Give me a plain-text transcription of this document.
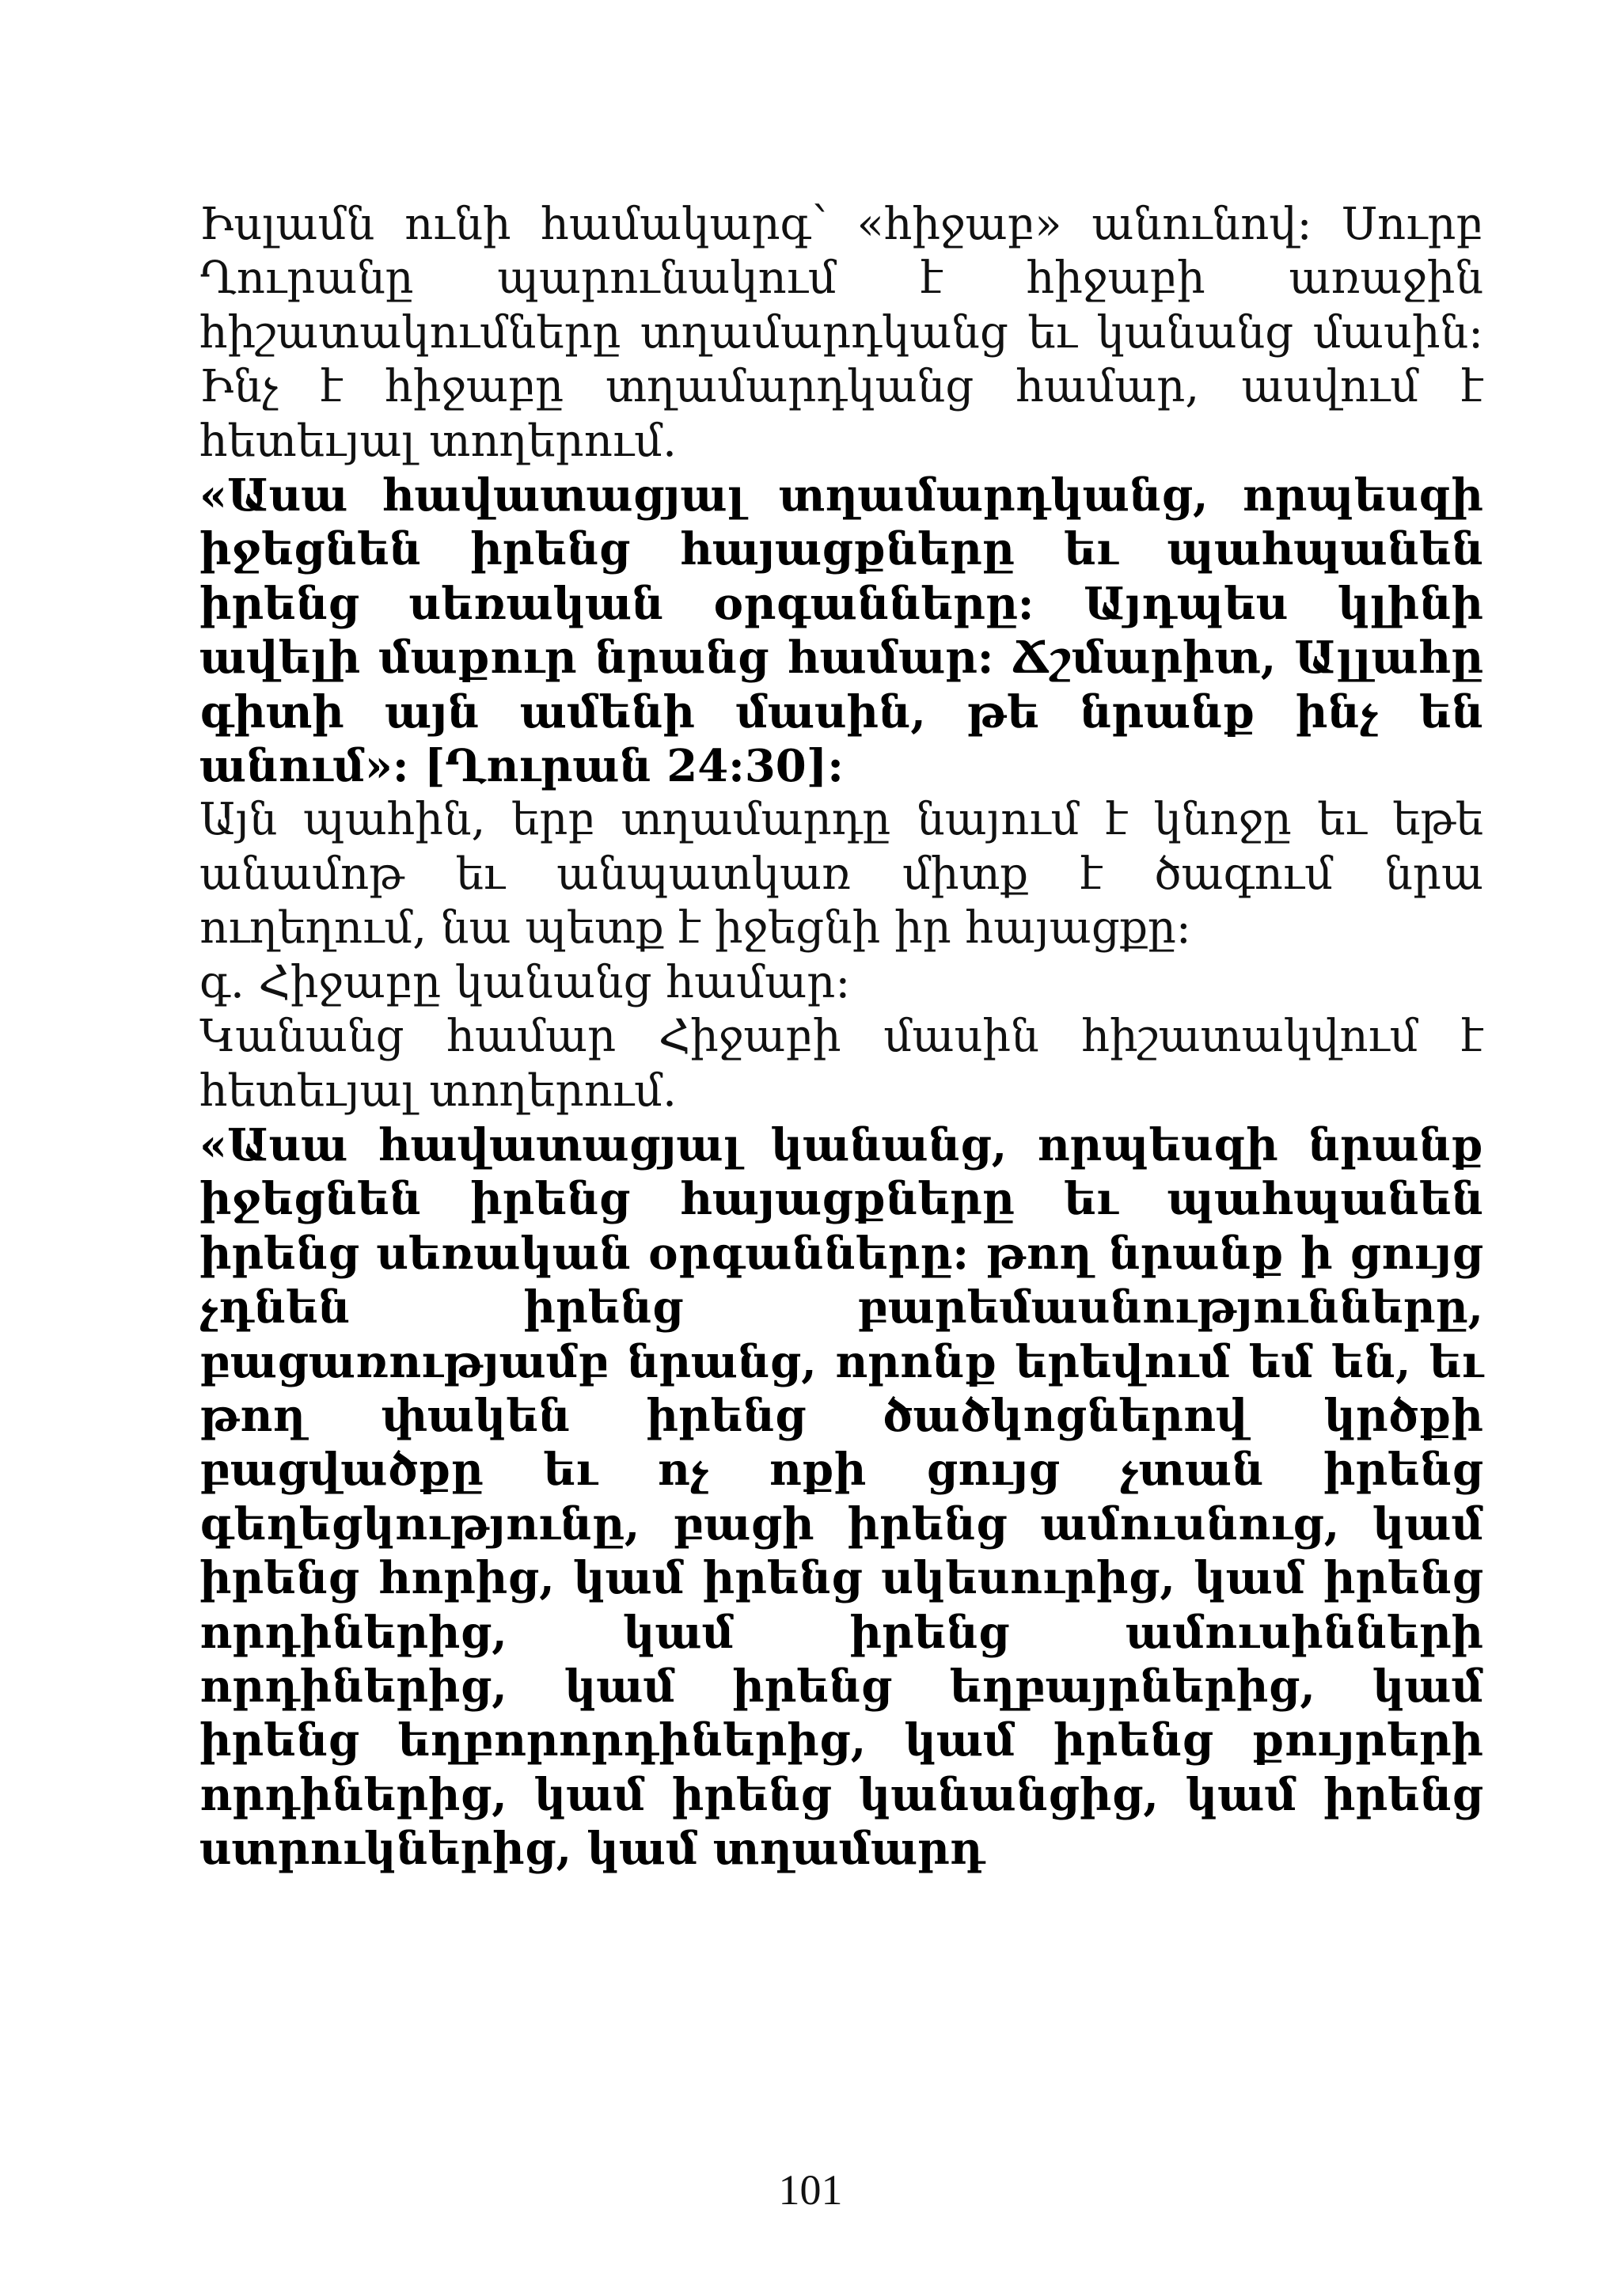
Իսլամն ունի համակարգ՝ «հիջաբ» անունով: Սուրբ Ղուրանը պարունակում է հիջաբի առաջին հիշատակումները տղամարդկանց եւ կանանց մասին: Ինչ է հիջաբը տղամարդկանց համար, ասվում է հետեւյալ տողերում.

«Ասա հավատացյալ տղամարդկանց, որպեսզի իջեցնեն իրենց հայացքները եւ պահպանեն իրենց սեռական օրգանները: Այդպես կլինի ավելի մաքուր նրանց համար: Ճշմարիտ, Ալլահը գիտի այն ամենի մասին, թե նրանք ինչ են անում»: [Ղուրան 24:30]:

Այն պահին, երբ տղամարդը նայում է կնոջը եւ եթե անամոթ եւ անպատկառ միտք է ծագում նրա ուղեղում, նա պետք է իջեցնի իր հայացքը:

գ. Հիջաբը կանանց համար:

Կանանց համար Հիջաբի մասին հիշատակվում է հետեւյալ տողերում.

«Ասա հավատացյալ կանանց, որպեսզի նրանք իջեցնեն իրենց հայացքները եւ պահպանեն իրենց սեռական օրգանները: թող նրանք ի ցույց չդնեն իրենց բարեմասնությունները, բացառությամբ նրանց, որոնք երեվում եմ են, եւ թող փակեն իրենց ծածկոցներով կրծքի բացվածքը եւ ոչ ոքի ցույց չտան իրենց գեղեցկությունը, բացի իրենց ամուսնուց, կամ իրենց հորից, կամ իրենց սկեսուրից, կամ իրենց որդիներից, կամ իրենց ամուսինների որդիներից, կամ իրենց եղբայրներից, կամ իրենց եղբորորդիներից, կամ իրենց քույրերի որդիներից, կամ իրենց կանանցից, կամ իրենց ստրուկներից, կամ տղամարդ

101
